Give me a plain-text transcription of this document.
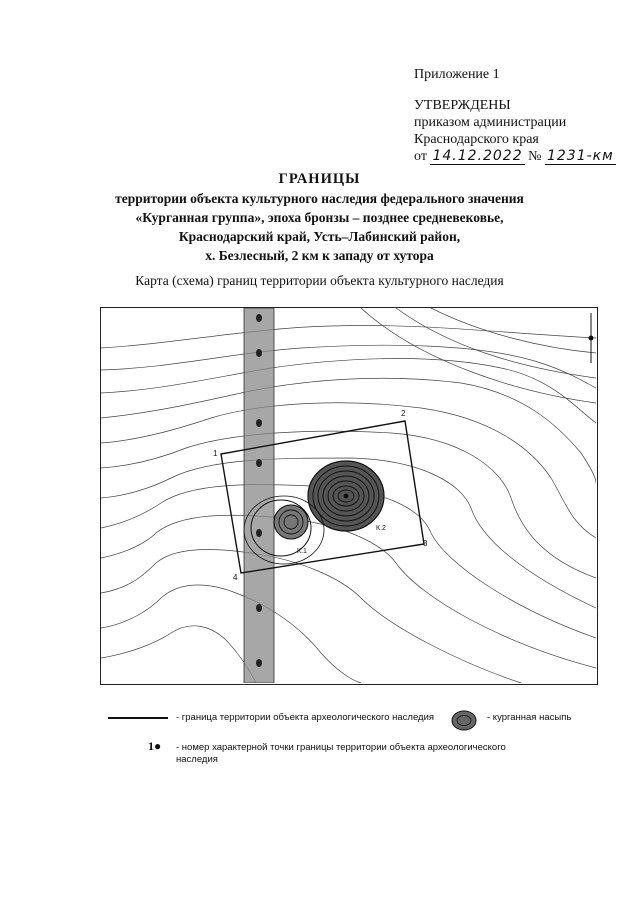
Приложение 1
УТВЕРЖДЕНЫ
приказом администрации
Краснодарского края
от 14.12.2022 № 1231-км
ГРАНИЦЫ
территории объекта культурного наследия федерального значения
«Курганная группа», эпоха бронзы – позднее средневековье,
Краснодарский край, Усть–Лабинский район,
х. Безлесный, 2 км к западу от хутора
Карта (схема) границ территории объекта культурного наследия
1
2
3
4
К.1
К.2
- граница территории объекта археологического наследия	- курганная насыпь
1● - номер характерной точки границы территории объекта археологического наследия
